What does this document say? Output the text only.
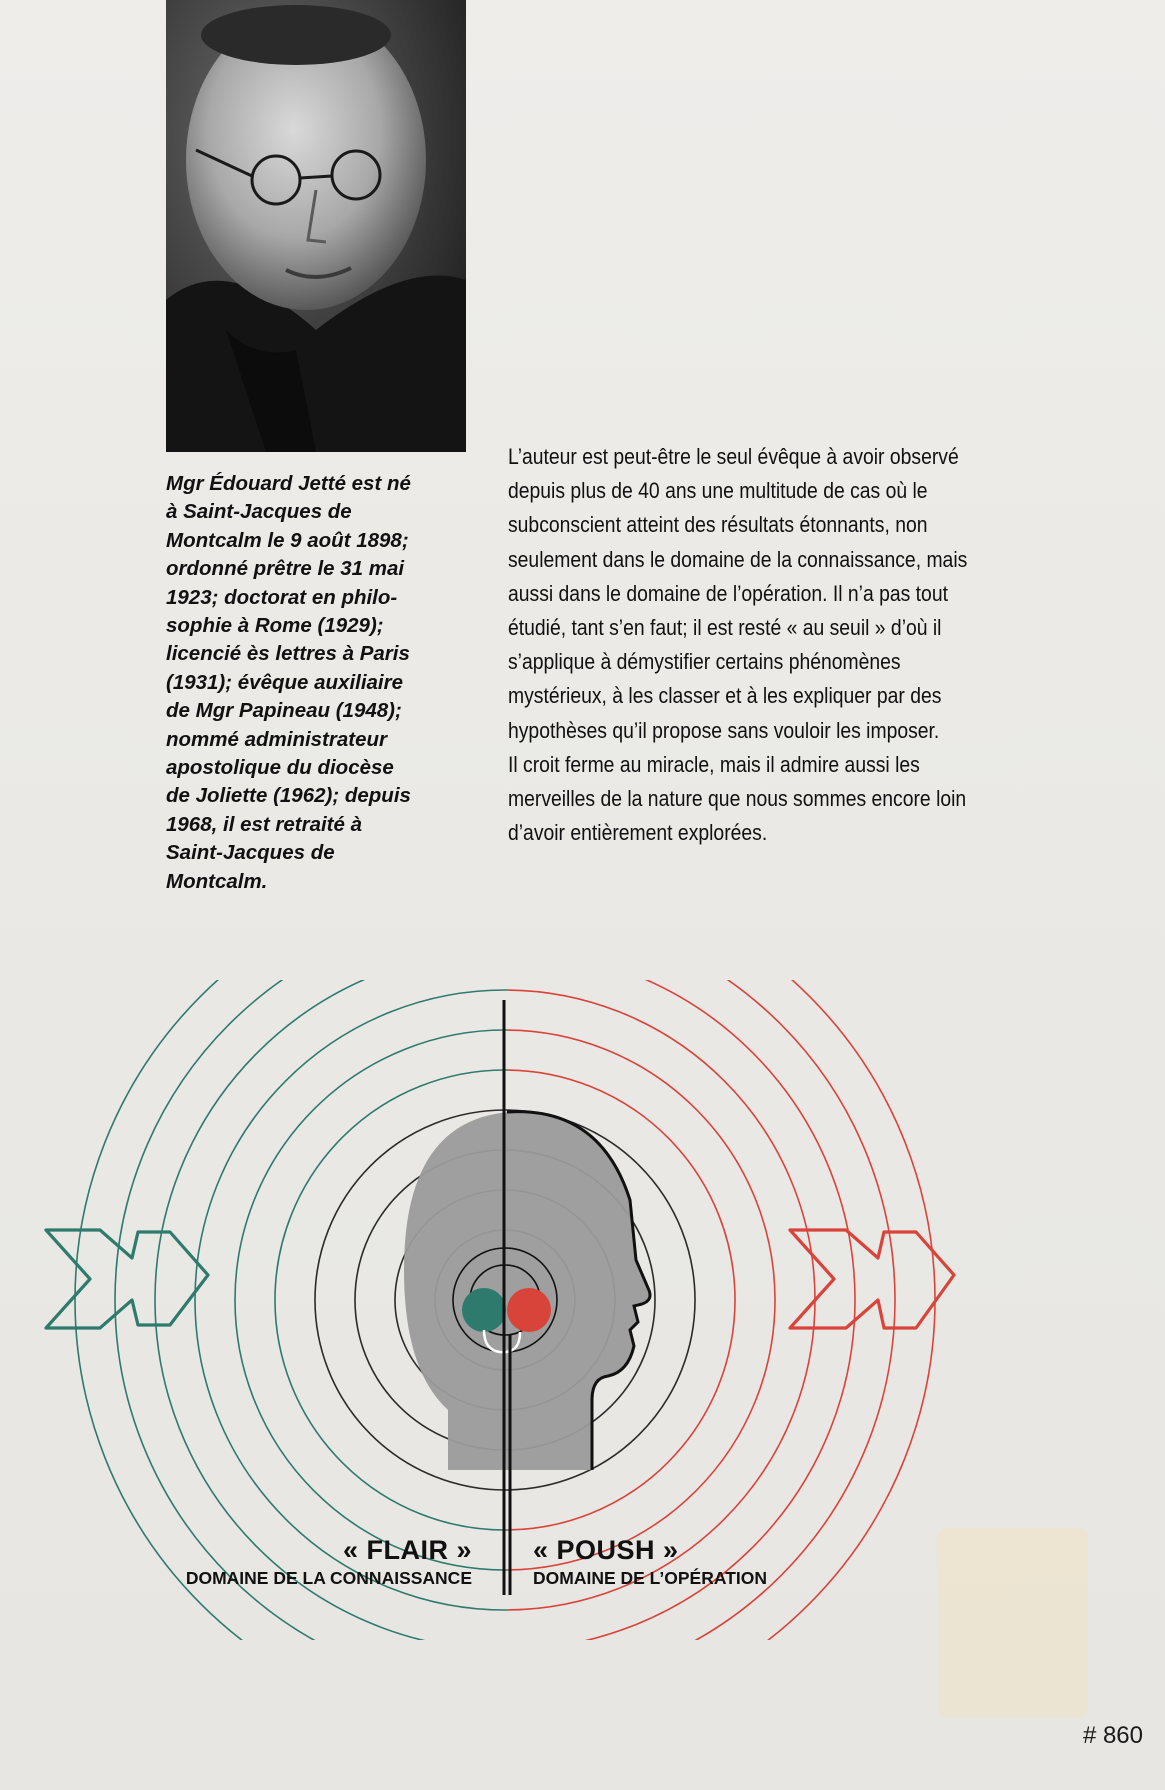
Mgr Édouard Jetté est né
à Saint-Jacques de
Montcalm le 9 août 1898;
ordonné prêtre le 31 mai
1923; doctorat en philo-
sophie à Rome (1929);
licencié ès lettres à Paris
(1931); évêque auxiliaire
de Mgr Papineau (1948);
nommé administrateur
apostolique du diocèse
de Joliette (1962); depuis
1968, il est retraité à
Saint-Jacques de
Montcalm.

L’auteur est peut-être le seul évêque à avoir observé
depuis plus de 40 ans une multitude de cas où le
subconscient atteint des résultats étonnants, non
seulement dans le domaine de la connaissance, mais
aussi dans le domaine de l’opération. Il n’a pas tout
étudié, tant s’en faut; il est resté « au seuil » d’où il
s’applique à démystifier certains phénomènes
mystérieux, à les classer et à les expliquer par des
hypothèses qu’il propose sans vouloir les imposer.
Il croit ferme au miracle, mais il admire aussi les
merveilles de la nature que nous sommes encore loin
d’avoir entièrement explorées.

« FLAIR »
DOMAINE DE LA CONNAISSANCE
« POUSH »
DOMAINE DE L’OPÉRATION
# 860
